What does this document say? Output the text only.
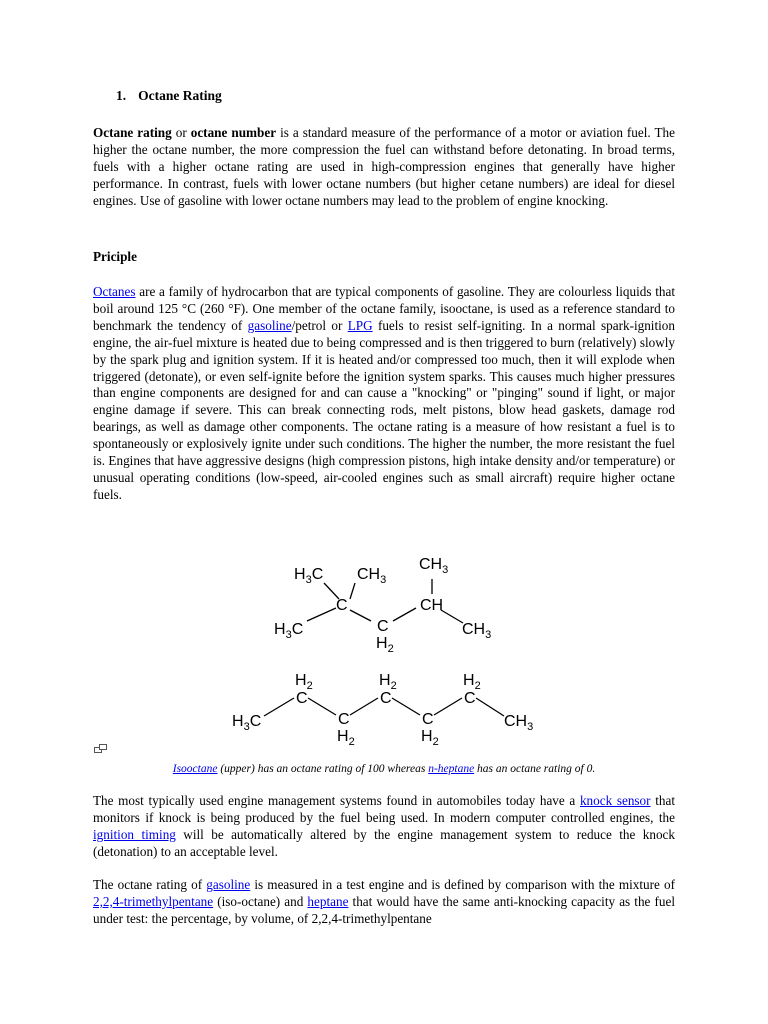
1. Octane Rating

Octane rating or octane number is a standard measure of the performance of a motor or aviation fuel. The higher the octane number, the more compression the fuel can withstand before detonating. In broad terms, fuels with a higher octane rating are used in high-compression engines that generally have higher performance. In contrast, fuels with lower octane numbers (but higher cetane numbers) are ideal for diesel engines. Use of gasoline with lower octane numbers may lead to the problem of engine knocking.

Priciple

Octanes are a family of hydrocarbon that are typical components of gasoline. They are colourless liquids that boil around 125 °C (260 °F). One member of the octane family, isooctane, is used as a reference standard to benchmark the tendency of gasoline/petrol or LPG fuels to resist self-igniting. In a normal spark-ignition engine, the air-fuel mixture is heated due to being compressed and is then triggered to burn (relatively) slowly by the spark plug and ignition system. If it is heated and/or compressed too much, then it will explode when triggered (detonate), or even self-ignite before the ignition system sparks. This causes much higher pressures than engine components are designed for and can cause a "knocking" or "pinging" sound if light, or major engine damage if severe. This can break connecting rods, melt pistons, blow head gaskets, damage rod bearings, as well as damage other components. The octane rating is a measure of how resistant a fuel is to spontaneously or explosively ignite under such conditions. The higher the number, the more resistant the fuel is. Engines that have aggressive designs (high compression pistons, high intake density and/or temperature) or unusual operating conditions (low-speed, air-cooled engines such as small aircraft) require higher octane fuels.

$H_3C$ $CH_3$
$CH_3$
C	CH
$H_3C$	C
$H_2$
$CH_3$
$H_3C$
$H_2$
C
C
$H_2$
$H_2$
C
C
$H_2$
$H_2$
C
$CH_3$

Isooctane (upper) has an octane rating of 100 whereas n-heptane has an octane rating of 0.

The most typically used engine management systems found in automobiles today have a knock sensor that monitors if knock is being produced by the fuel being used. In modern computer controlled engines, the ignition timing will be automatically altered by the engine management system to reduce the knock (detonation) to an acceptable level.

The octane rating of gasoline is measured in a test engine and is defined by comparison with the mixture of 2,2,4-trimethylpentane (iso-octane) and heptane that would have the same anti-knocking capacity as the fuel under test: the percentage, by volume, of 2,2,4-trimethylpentane
